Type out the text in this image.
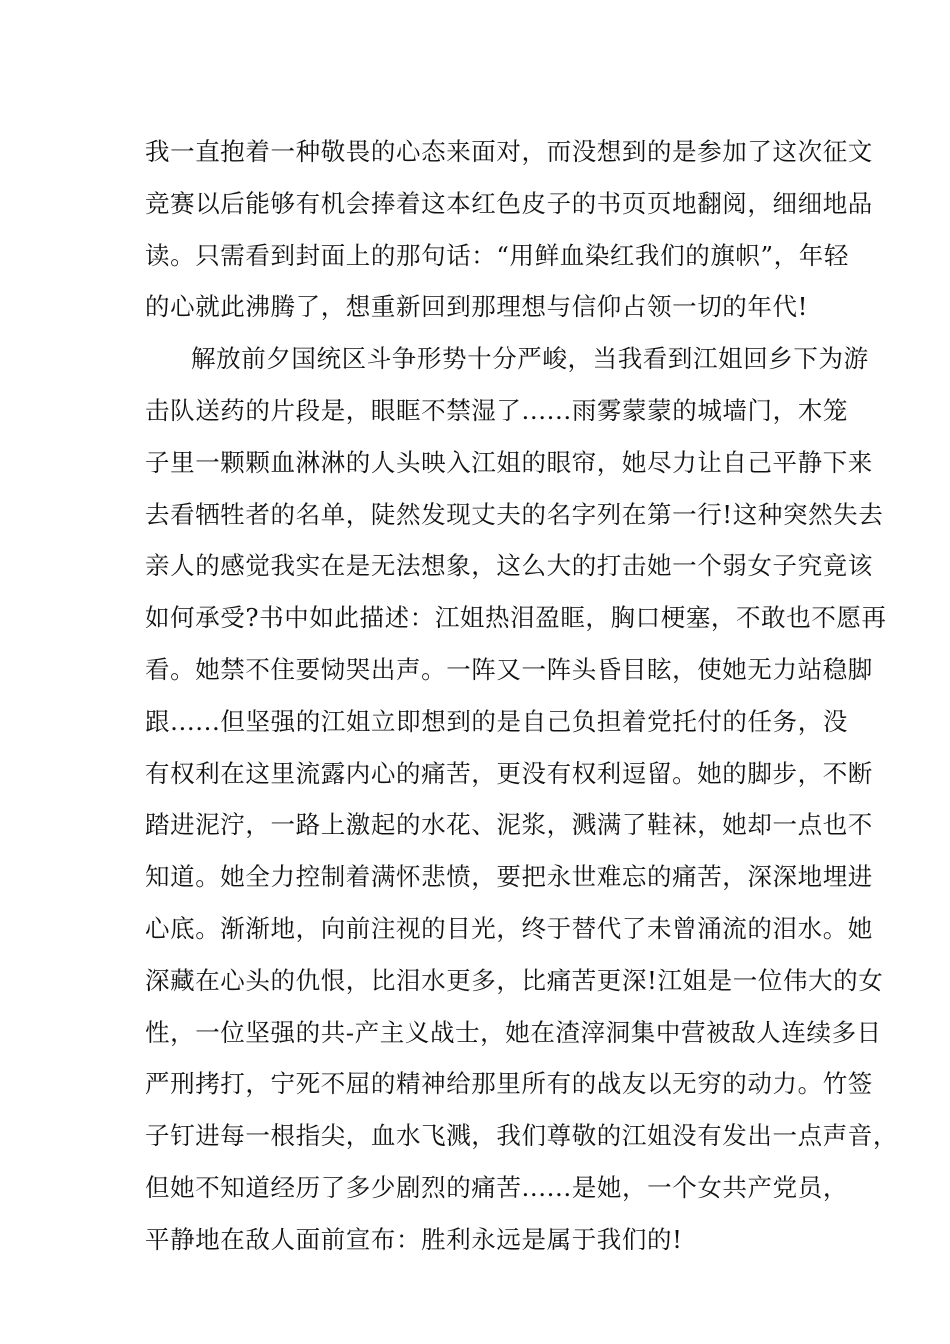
我一直抱着一种敬畏的心态来面对，而没想到的是参加了这次征文
竞赛以后能够有机会捧着这本红色皮子的书页页地翻阅，细细地品
读。只需看到封面上的那句话：“用鲜血染红我们的旗帜”，年轻
的心就此沸腾了，想重新回到那理想与信仰占领一切的年代!
解放前夕国统区斗争形势十分严峻，当我看到江姐回乡下为游
击队送药的片段是，眼眶不禁湿了......雨雾蒙蒙的城墙门，木笼
子里一颗颗血淋淋的人头映入江姐的眼帘，她尽力让自己平静下来
去看牺牲者的名单，陡然发现丈夫的名字列在第一行!这种突然失去
亲人的感觉我实在是无法想象，这么大的打击她一个弱女子究竟该
如何承受?书中如此描述：江姐热泪盈眶，胸口梗塞，不敢也不愿再
看。她禁不住要恸哭出声。一阵又一阵头昏目眩，使她无力站稳脚
跟......但坚强的江姐立即想到的是自己负担着党托付的任务，没
有权利在这里流露内心的痛苦，更没有权利逗留。她的脚步，不断
踏进泥泞，一路上激起的水花、泥浆，溅满了鞋袜，她却一点也不
知道。她全力控制着满怀悲愤，要把永世难忘的痛苦，深深地埋进
心底。渐渐地，向前注视的目光，终于替代了未曾涌流的泪水。她
深藏在心头的仇恨，比泪水更多，比痛苦更深!江姐是一位伟大的女
性，一位坚强的共-产主义战士，她在渣滓洞集中营被敌人连续多日
严刑拷打，宁死不屈的精神给那里所有的战友以无穷的动力。竹签
子钉进每一根指尖，血水飞溅，我们尊敬的江姐没有发出一点声音，
但她不知道经历了多少剧烈的痛苦......是她，一个女共产党员，
平静地在敌人面前宣布：胜利永远是属于我们的!
